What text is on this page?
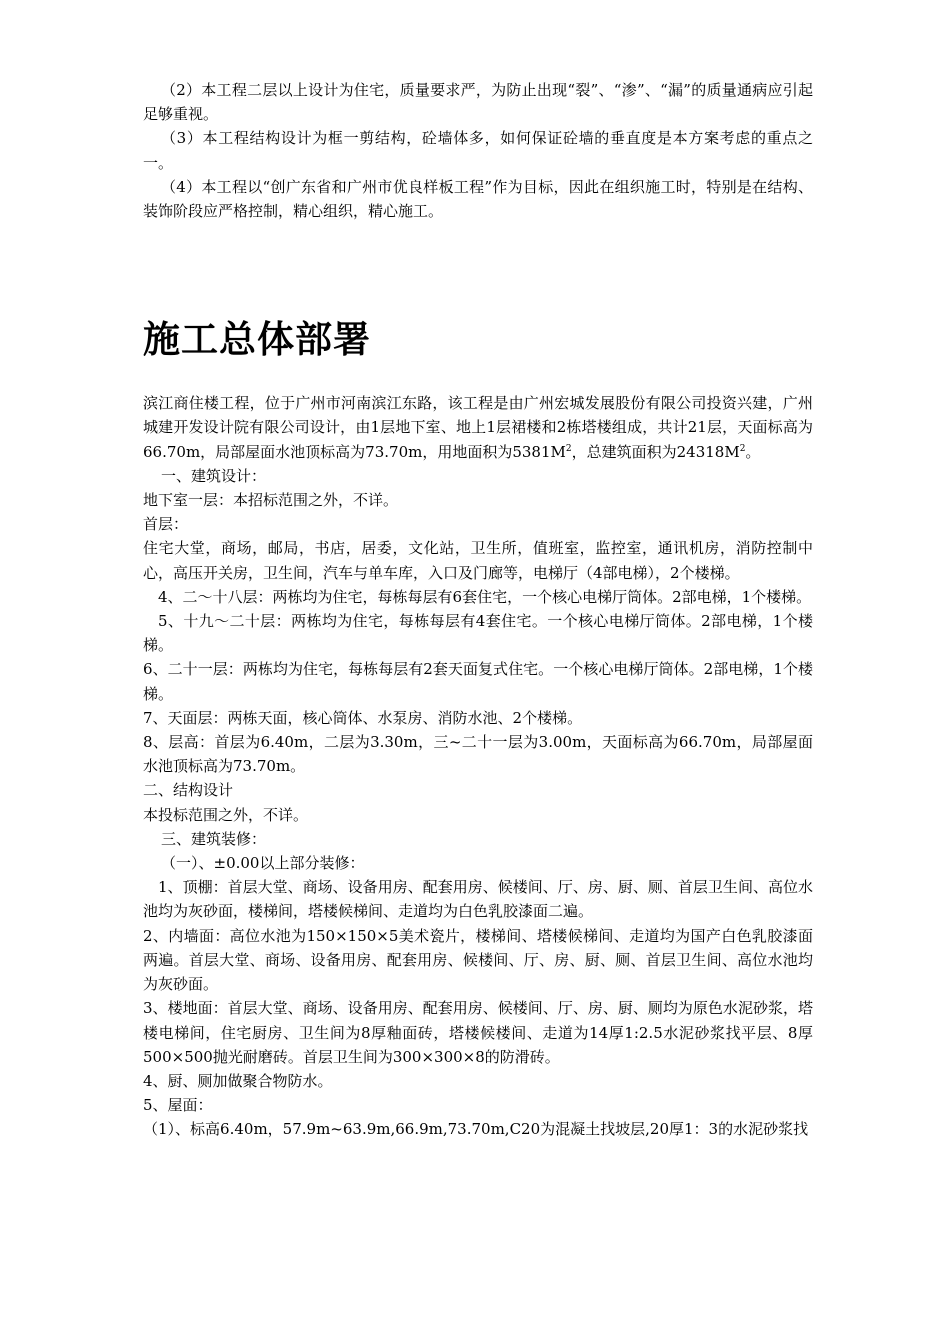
（2）本工程二层以上设计为住宅，质量要求严，为防止出现“裂”、“渗”、“漏”的质量通病应引起足够重视。

（3）本工程结构设计为框一剪结构，砼墙体多，如何保证砼墙的垂直度是本方案考虑的重点之一。

（4）本工程以“创广东省和广州市优良样板工程”作为目标，因此在组织施工时，特别是在结构、装饰阶段应严格控制，精心组织，精心施工。

施工总体部署

滨江商住楼工程，位于广州市河南滨江东路，该工程是由广州宏城发展股份有限公司投资兴建，广州城建开发设计院有限公司设计，由1层地下室、地上1层裙楼和2栋塔楼组成，共计21层，天面标高为66.70m，局部屋面水池顶标高为73.70m，用地面积为$5381M^2$，总建筑面积为$24318M^2$。

一、建筑设计：

地下室一层：本招标范围之外，不详。

首层：

住宅大堂，商场，邮局，书店，居委，文化站，卫生所，值班室，监控室，通讯机房，消防控制中心，高压开关房，卫生间，汽车与单车库，入口及门廊等，电梯厅（4部电梯），2个楼梯。

4、二～十八层：两栋均为住宅，每栋每层有6套住宅，一个核心电梯厅筒体。2部电梯，1个楼梯。

5、十九～二十层：两栋均为住宅，每栋每层有4套住宅。一个核心电梯厅筒体。2部电梯，1个楼梯。

6、二十一层：两栋均为住宅，每栋每层有2套天面复式住宅。一个核心电梯厅筒体。2部电梯，1个楼梯。

7、天面层：两栋天面，核心筒体、水泵房、消防水池、2个楼梯。

8、层高：首层为6.40m，二层为3.30m，三~二十一层为3.00m，天面标高为66.70m，局部屋面水池顶标高为73.70m。

二、结构设计

本投标范围之外，不详。

三、建筑装修：

（一）、±0.00以上部分装修：

1、顶棚：首层大堂、商场、设备用房、配套用房、候楼间、厅、房、厨、厕、首层卫生间、高位水池均为灰砂面，楼梯间，塔楼候梯间、走道均为白色乳胶漆面二遍。

2、内墙面：高位水池为150×150×5美术瓷片，楼梯间、塔楼候梯间、走道均为国产白色乳胶漆面两遍。首层大堂、商场、设备用房、配套用房、候楼间、厅、房、厨、厕、首层卫生间、高位水池均为灰砂面。

3、楼地面：首层大堂、商场、设备用房、配套用房、候楼间、厅、房、厨、厕均为原色水泥砂浆，塔楼电梯间，住宅厨房、卫生间为8厚釉面砖，塔楼候楼间、走道为14厚1:2.5水泥砂浆找平层、8厚500×500抛光耐磨砖。首层卫生间为300×300×8的防滑砖。

4、厨、厕加做聚合物防水。

5、屋面：

（1）、标高6.40m，57.9m~63.9m,66.9m,73.70m,C20为混凝土找坡层,20厚1：3的水泥砂浆找
